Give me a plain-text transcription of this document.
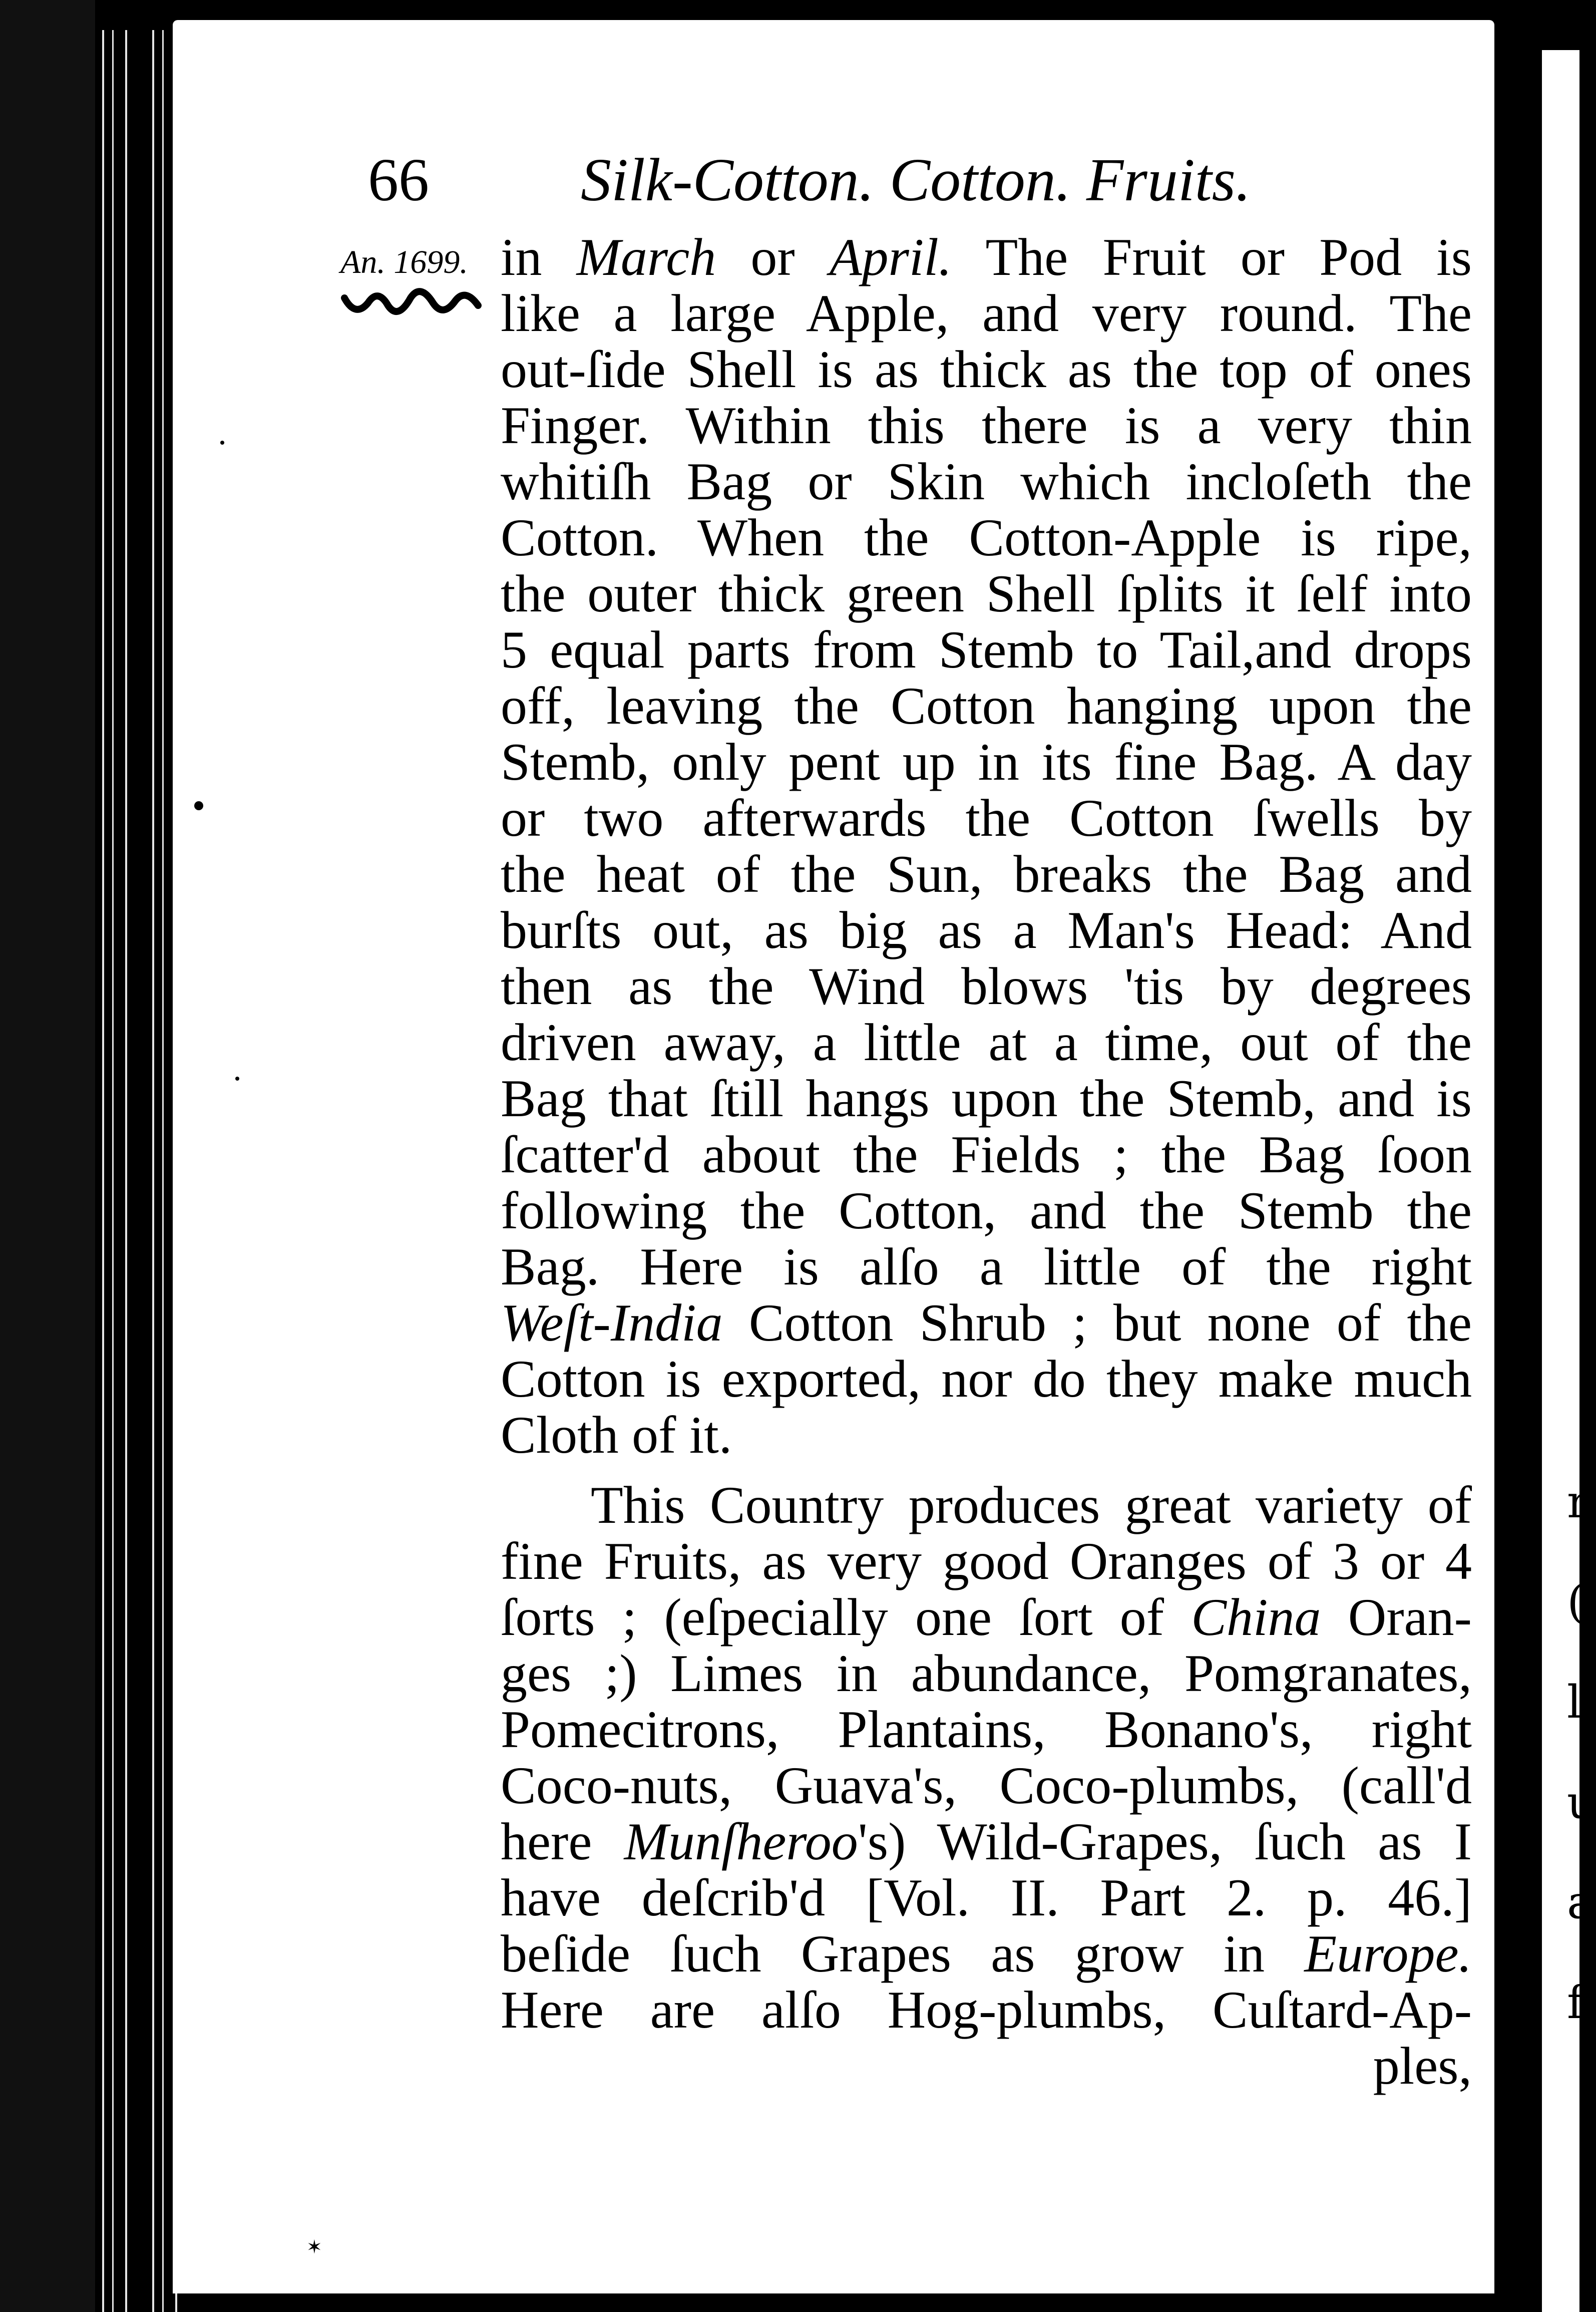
r
(
l
u
a
f
66 Silk-Cotton. Cotton. Fruits.
An. 1699. in March or April. The Fruit or Pod is
like a large Apple, and very round. The
out-ſide Shell is as thick as the top of ones
Finger. Within this there is a very thin
whitiſh Bag or Skin which incloſeth the
Cotton. When the Cotton-Apple is ripe,
the outer thick green Shell ſplits it ſelf into
5 equal parts from Stemb to Tail,and drops
off, leaving the Cotton hanging upon the
Stemb, only pent up in its fine Bag. A day
or two afterwards the Cotton ſwells by
the heat of the Sun, breaks the Bag and
burſts out, as big as a Man's Head: And
then as the Wind blows 'tis by degrees
driven away, a little at a time, out of the
Bag that ſtill hangs upon the Stemb, and is
ſcatter'd about the Fields ; the Bag ſoon
following the Cotton, and the Stemb the
Bag. Here is alſo a little of the right
Weſt-India Cotton Shrub ; but none of the
Cotton is exported, nor do they make much
Cloth of it.
This Country produces great variety of
fine Fruits, as very good Oranges of 3 or 4
ſorts ; (eſpecially one ſort of China Oran-
ges ;) Limes in abundance, Pomgranates,
Pomecitrons, Plantains, Bonano's, right
Coco-nuts, Guava's, Coco-plumbs, (call'd
here Munſheroo's) Wild-Grapes, ſuch as I
have deſcrib'd [Vol. II. Part 2. p. 46.]
beſide ſuch Grapes as grow in Europe.
Here are alſo Hog-plumbs, Cuſtard-Ap-
ples,
✶
